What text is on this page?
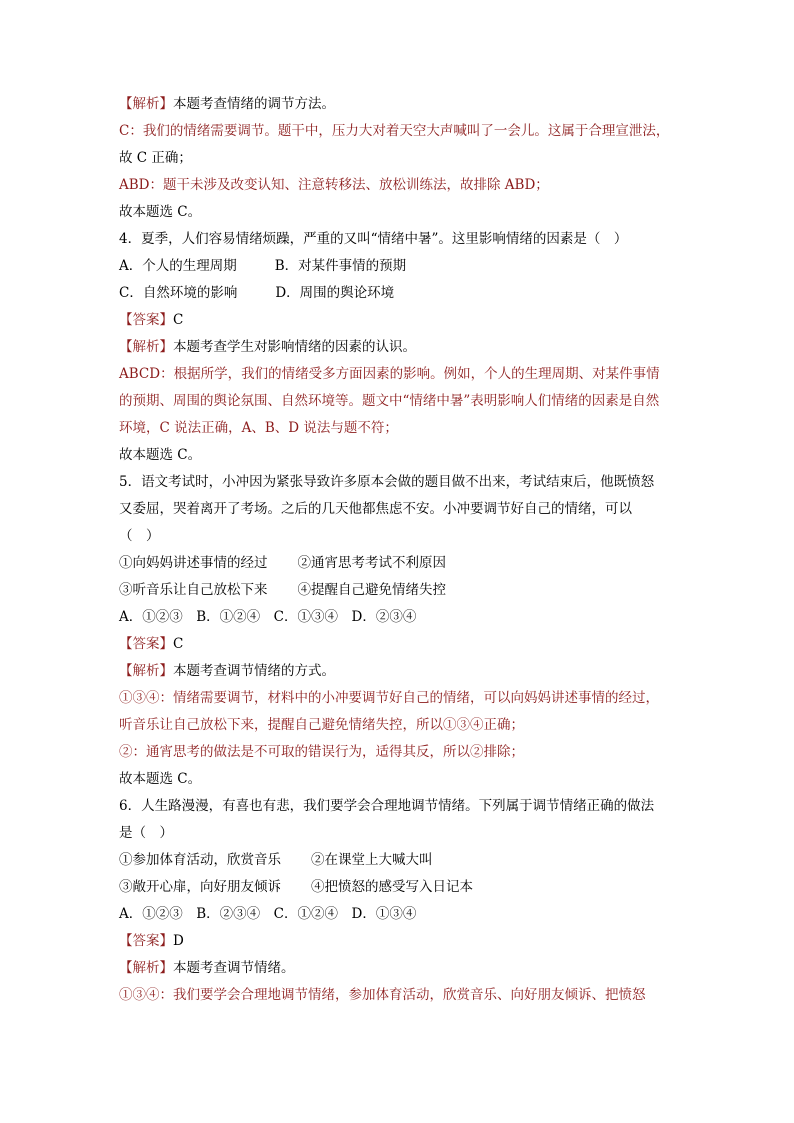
【解析】本题考查情绪的调节方法。
C：我们的情绪需要调节。题干中，压力大对着天空大声喊叫了一会儿。这属于合理宣泄法，
故 C 正确；
ABD：题干未涉及改变认知、注意转移法、放松训练法，故排除 ABD；
故本题选 C。
4．夏季，人们容易情绪烦躁，严重的又叫“情绪中暑”。这里影响情绪的因素是（　）
A．个人的生理周期	B．对某件事情的预期
C．自然环境的影响	D．周围的舆论环境
【答案】C
【解析】本题考查学生对影响情绪的因素的认识。
ABCD：根据所学，我们的情绪受多方面因素的影响。例如，个人的生理周期、对某件事情
的预期、周围的舆论氛围、自然环境等。题文中“情绪中暑”表明影响人们情绪的因素是自然
环境，C 说法正确，A、B、D 说法与题不符；
故本题选 C。
5．语文考试时，小冲因为紧张导致许多原本会做的题目做不出来，考试结束后，他既愤怒
又委屈，哭着离开了考场。之后的几天他都焦虑不安。小冲要调节好自己的情绪，可以
（　）
①向妈妈讲述事情的经过 ②通宵思考考试不利原因
③听音乐让自己放松下来 ④提醒自己避免情绪失控
A．①②③　B．①②④　C．①③④　D．②③④
【答案】C
【解析】本题考查调节情绪的方式。
①③④：情绪需要调节，材料中的小冲要调节好自己的情绪，可以向妈妈讲述事情的经过，
听音乐让自己放松下来，提醒自己避免情绪失控，所以①③④正确；
②：通宵思考的做法是不可取的错误行为，适得其反，所以②排除；
故本题选 C。
6．人生路漫漫，有喜也有悲，我们要学会合理地调节情绪。下列属于调节情绪正确的做法
是（　）
①参加体育活动，欣赏音乐 ②在课堂上大喊大叫
③敞开心扉，向好朋友倾诉 ④把愤怒的感受写入日记本
A．①②③　B．②③④　C．①②④　D．①③④
【答案】D
【解析】本题考查调节情绪。
①③④：我们要学会合理地调节情绪，参加体育活动，欣赏音乐、向好朋友倾诉、把愤怒
